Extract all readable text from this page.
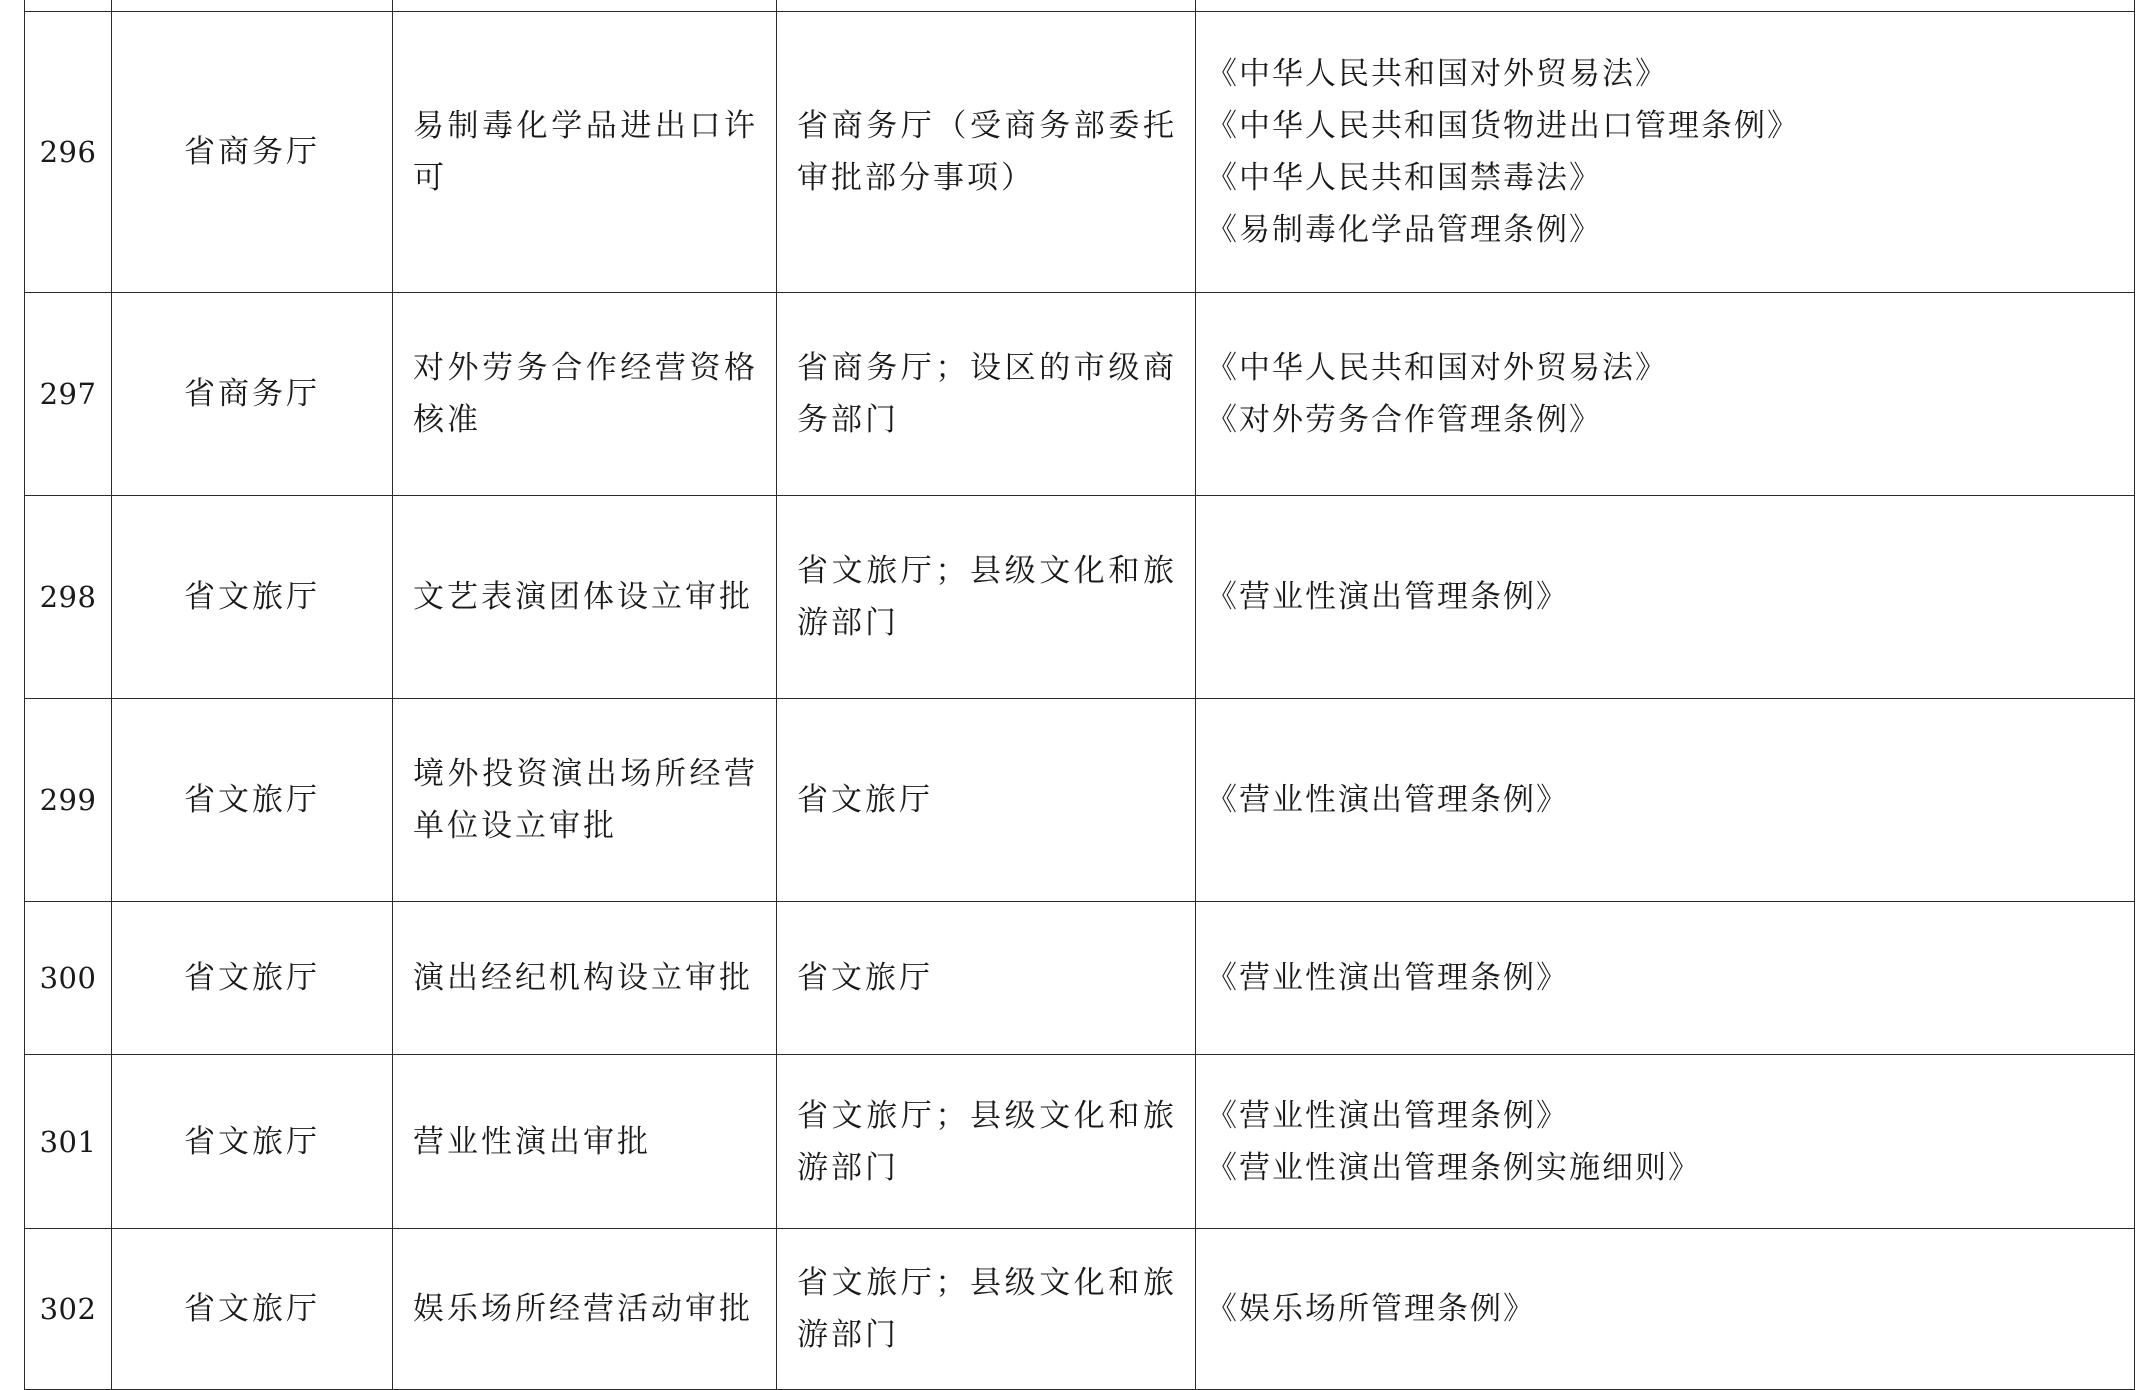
296	省商务厅	易制毒化学品进出口许可	省商务厅（受商务部委托审批部分事项）	《中华人民共和国对外贸易法》
《中华人民共和国货物进出口管理条例》
《中华人民共和国禁毒法》
《易制毒化学品管理条例》

297	省商务厅	对外劳务合作经营资格核准	省商务厅；设区的市级商务部门	《中华人民共和国对外贸易法》
《对外劳务合作管理条例》

298	省文旅厅	文艺表演团体设立审批	省文旅厅；县级文化和旅游部门	《营业性演出管理条例》

299	省文旅厅	境外投资演出场所经营单位设立审批	省文旅厅	《营业性演出管理条例》

300	省文旅厅	演出经纪机构设立审批	省文旅厅	《营业性演出管理条例》

301	省文旅厅	营业性演出审批	省文旅厅；县级文化和旅游部门	《营业性演出管理条例》
《营业性演出管理条例实施细则》

302	省文旅厅	娱乐场所经营活动审批	省文旅厅；县级文化和旅游部门	《娱乐场所管理条例》
